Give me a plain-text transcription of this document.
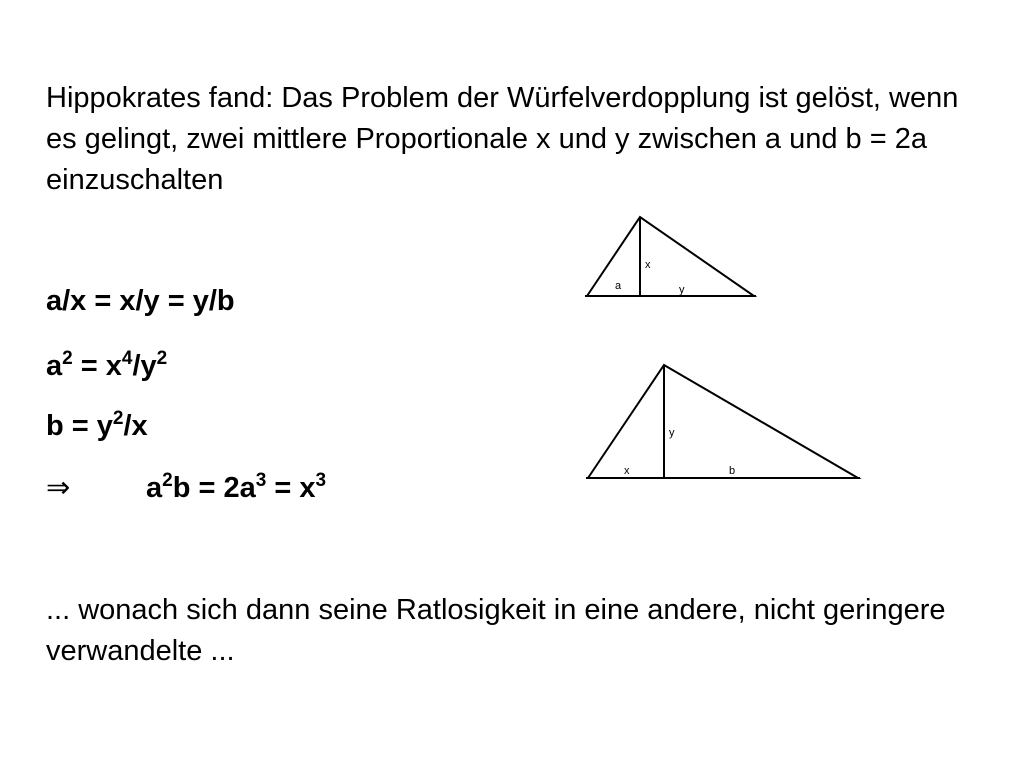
Hippokrates fand: Das Problem der Würfelverdopplung ist gelöst, wenn es gelingt, zwei mittlere Proportionale x und y zwischen a und b = 2a einzuschalten

a/x = x/y = y/b

$a^2 = x^4/y^2$

$b = y^2/x$

⇒	$a^2b = 2a^3 = x^3$

x
a	y
y
x	b

... wonach sich dann seine Ratlosigkeit in eine andere, nicht geringere verwandelte ...
